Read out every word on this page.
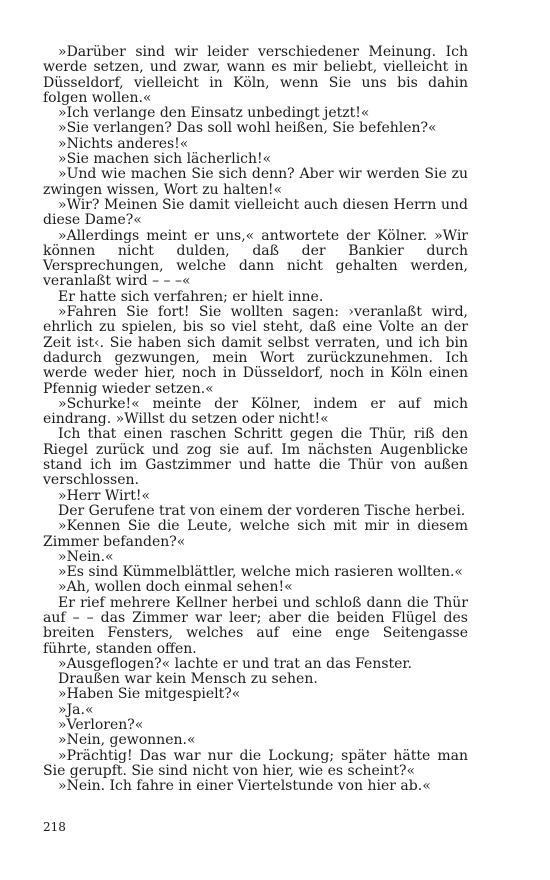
»Darüber sind wir leider verschiedener Meinung. Ich werde setzen, und zwar, wann es mir beliebt, vielleicht in Düsseldorf, vielleicht in Köln, wenn Sie uns bis dahin folgen wollen.«

»Ich verlange den Einsatz unbedingt jetzt!«

»Sie verlangen? Das soll wohl heißen, Sie befehlen?«

»Nichts anderes!«

»Sie machen sich lächerlich!«

»Und wie machen Sie sich denn? Aber wir werden Sie zu zwingen wissen, Wort zu halten!«

»Wir? Meinen Sie damit vielleicht auch diesen Herrn und diese Dame?«

»Allerdings meint er uns,« antwortete der Kölner. »Wir können nicht dulden, daß der Bankier durch Versprechungen, welche dann nicht gehalten werden, veranlaßt wird – – –«

Er hatte sich verfahren; er hielt inne.

»Fahren Sie fort! Sie wollten sagen: ›veranlaßt wird, ehrlich zu spielen, bis so viel steht, daß eine Volte an der Zeit ist‹. Sie haben sich damit selbst verraten, und ich bin dadurch gezwungen, mein Wort zurückzunehmen. Ich werde weder hier, noch in Düsseldorf, noch in Köln einen Pfennig wieder setzen.«

»Schurke!« meinte der Kölner, indem er auf mich eindrang. »Willst du setzen oder nicht!«

Ich that einen raschen Schritt gegen die Thür, riß den Riegel zurück und zog sie auf. Im nächsten Augenblicke stand ich im Gastzimmer und hatte die Thür von außen verschlossen.

»Herr Wirt!«

Der Gerufene trat von einem der vorderen Tische herbei.

»Kennen Sie die Leute, welche sich mit mir in diesem Zimmer befanden?«

»Nein.«

»Es sind Kümmelblättler, welche mich rasieren wollten.«

»Ah, wollen doch einmal sehen!«

Er rief mehrere Kellner herbei und schloß dann die Thür auf – – das Zimmer war leer; aber die beiden Flügel des breiten Fensters, welches auf eine enge Seitengasse führte, standen offen.

»Ausgeflogen?« lachte er und trat an das Fenster.

Draußen war kein Mensch zu sehen.

»Haben Sie mitgespielt?«

»Ja.«

»Verloren?«

»Nein, gewonnen.«

»Prächtig! Das war nur die Lockung; später hätte man Sie gerupft. Sie sind nicht von hier, wie es scheint?«

»Nein. Ich fahre in einer Viertelstunde von hier ab.«

218
